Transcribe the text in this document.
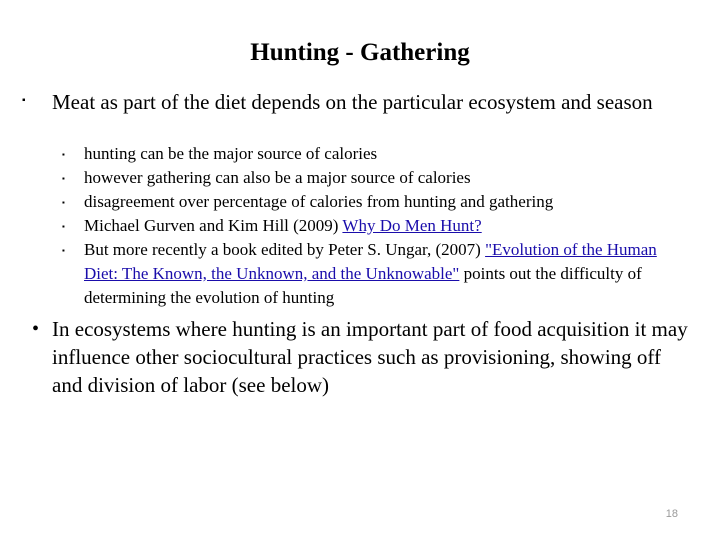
Hunting - Gathering
▪ Meat as part of the diet depends on the particular ecosystem and season
▪ hunting can be the major source of calories
▪ however gathering can also be a major source of calories
▪ disagreement over percentage of calories from hunting and gathering
▪ Michael Gurven and Kim Hill (2009) Why Do Men Hunt?
▪ But more recently a book edited by Peter S. Ungar, (2007) "Evolution of the Human Diet: The Known, the Unknown, and the Unknowable" points out the difficulty of determining the evolution of hunting
• In ecosystems where hunting is an important part of food acquisition it may influence other sociocultural practices such as provisioning, showing off and division of labor (see below)
18
